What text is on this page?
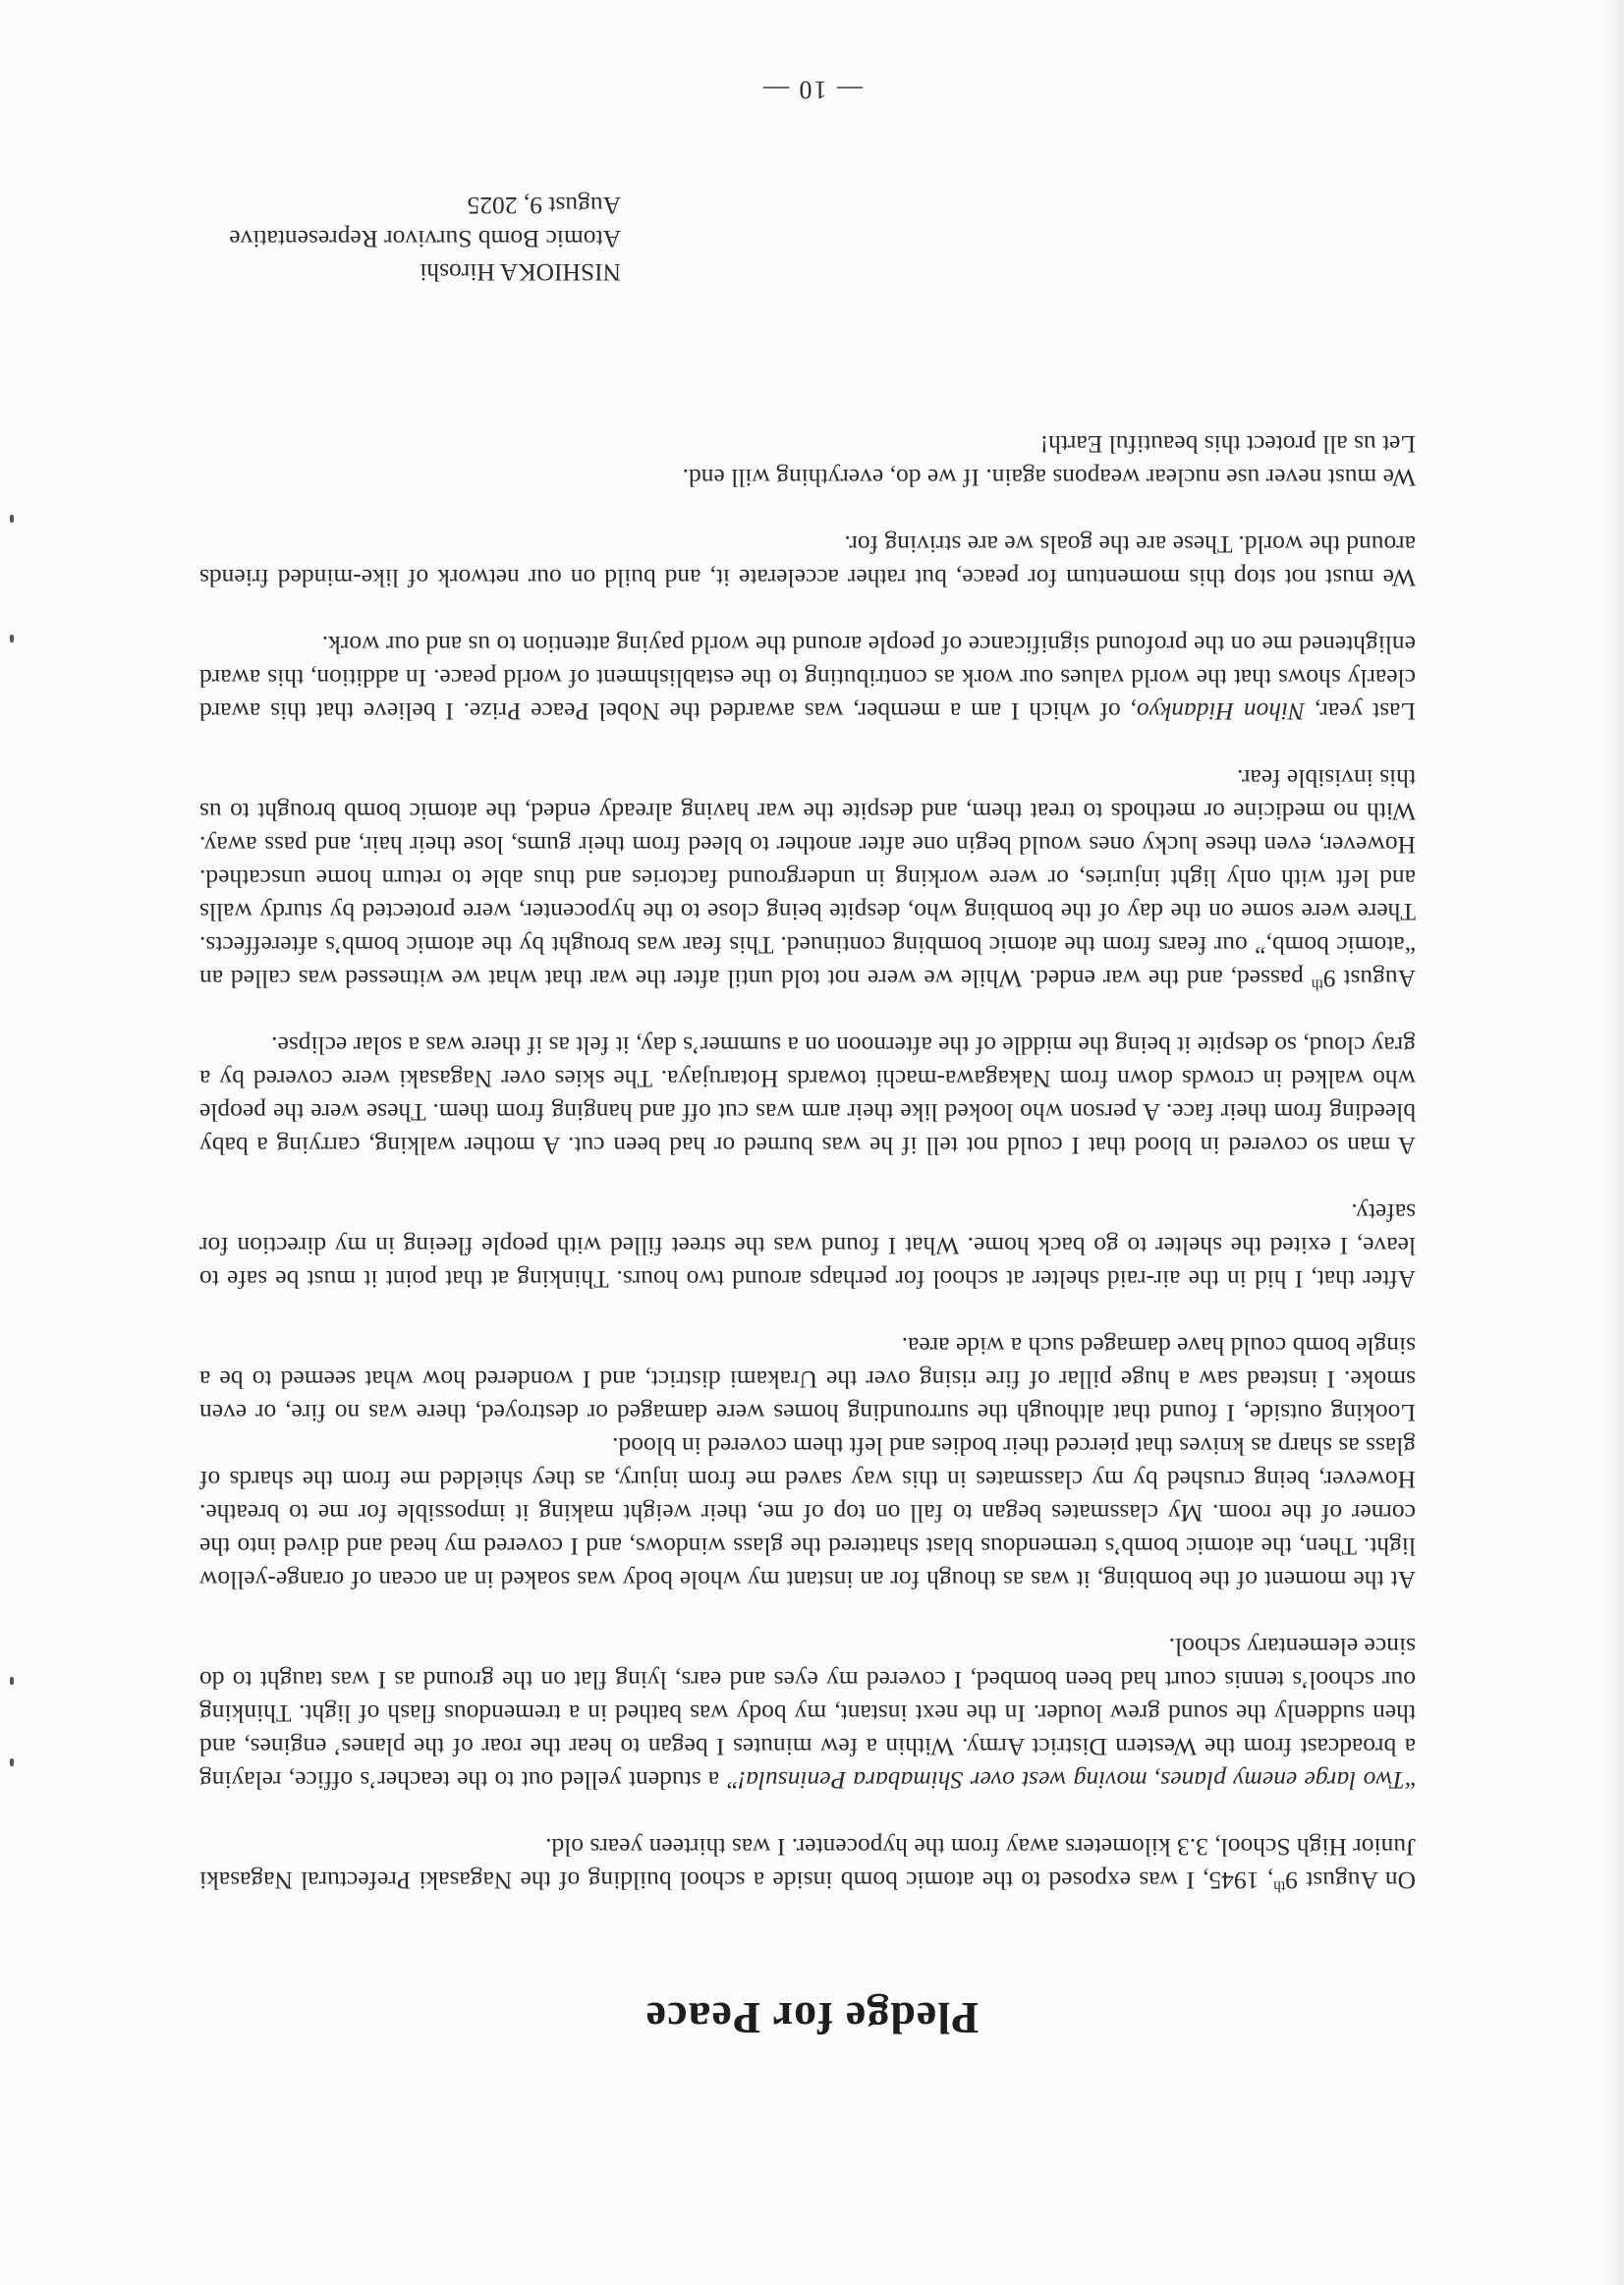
Pledge for Peace

On August 9th, 1945, I was exposed to the atomic bomb inside a school building of the Nagasaki Prefectural Nagasaki Junior High School, 3.3 kilometers away from the hypocenter. I was thirteen years old.

“Two large enemy planes, moving west over Shimabara Peninsula!” a student yelled out to the teacher’s office, relaying a broadcast from the Western District Army. Within a few minutes I began to hear the roar of the planes’ engines, and then suddenly the sound grew louder. In the next instant, my body was bathed in a tremendous flash of light. Thinking our school’s tennis court had been bombed, I covered my eyes and ears, lying flat on the ground as I was taught to do since elementary school.

At the moment of the bombing, it was as though for an instant my whole body was soaked in an ocean of orange-yellow light. Then, the atomic bomb’s tremendous blast shattered the glass windows, and I covered my head and dived into the corner of the room. My classmates began to fall on top of me, their weight making it impossible for me to breathe. However, being crushed by my classmates in this way saved me from injury, as they shielded me from the shards of glass as sharp as knives that pierced their bodies and left them covered in blood.

Looking outside, I found that although the surrounding homes were damaged or destroyed, there was no fire, or even smoke. I instead saw a huge pillar of fire rising over the Urakami district, and I wondered how what seemed to be a single bomb could have damaged such a wide area.

After that, I hid in the air-raid shelter at school for perhaps around two hours. Thinking at that point it must be safe to leave, I exited the shelter to go back home. What I found was the street filled with people fleeing in my direction for safety.

A man so covered in blood that I could not tell if he was burned or had been cut. A mother walking, carrying a baby bleeding from their face. A person who looked like their arm was cut off and hanging from them. These were the people who walked in crowds down from Nakagawa-machi towards Hotarujaya. The skies over Nagasaki were covered by a gray cloud, so despite it being the middle of the afternoon on a summer’s day, it felt as if there was a solar eclipse.

August 9th passed, and the war ended. While we were not told until after the war that what we witnessed was called an “atomic bomb,” our fears from the atomic bombing continued. This fear was brought by the atomic bomb’s aftereffects. There were some on the day of the bombing who, despite being close to the hypocenter, were protected by sturdy walls and left with only light injuries, or were working in underground factories and thus able to return home unscathed. However, even these lucky ones would begin one after another to bleed from their gums, lose their hair, and pass away. With no medicine or methods to treat them, and despite the war having already ended, the atomic bomb brought to us this invisible fear.

Last year, Nihon Hidankyo, of which I am a member, was awarded the Nobel Peace Prize. I believe that this award clearly shows that the world values our work as contributing to the establishment of world peace. In addition, this award enlightened me on the profound significance of people around the world paying attention to us and our work.

We must not stop this momentum for peace, but rather accelerate it, and build on our network of like-minded friends around the world. These are the goals we are striving for.

We must never use nuclear weapons again. If we do, everything will end.
Let us all protect this beautiful Earth!

NISHIOKA Hiroshi
Atomic Bomb Survivor Representative
August 9, 2025
— 10 —
